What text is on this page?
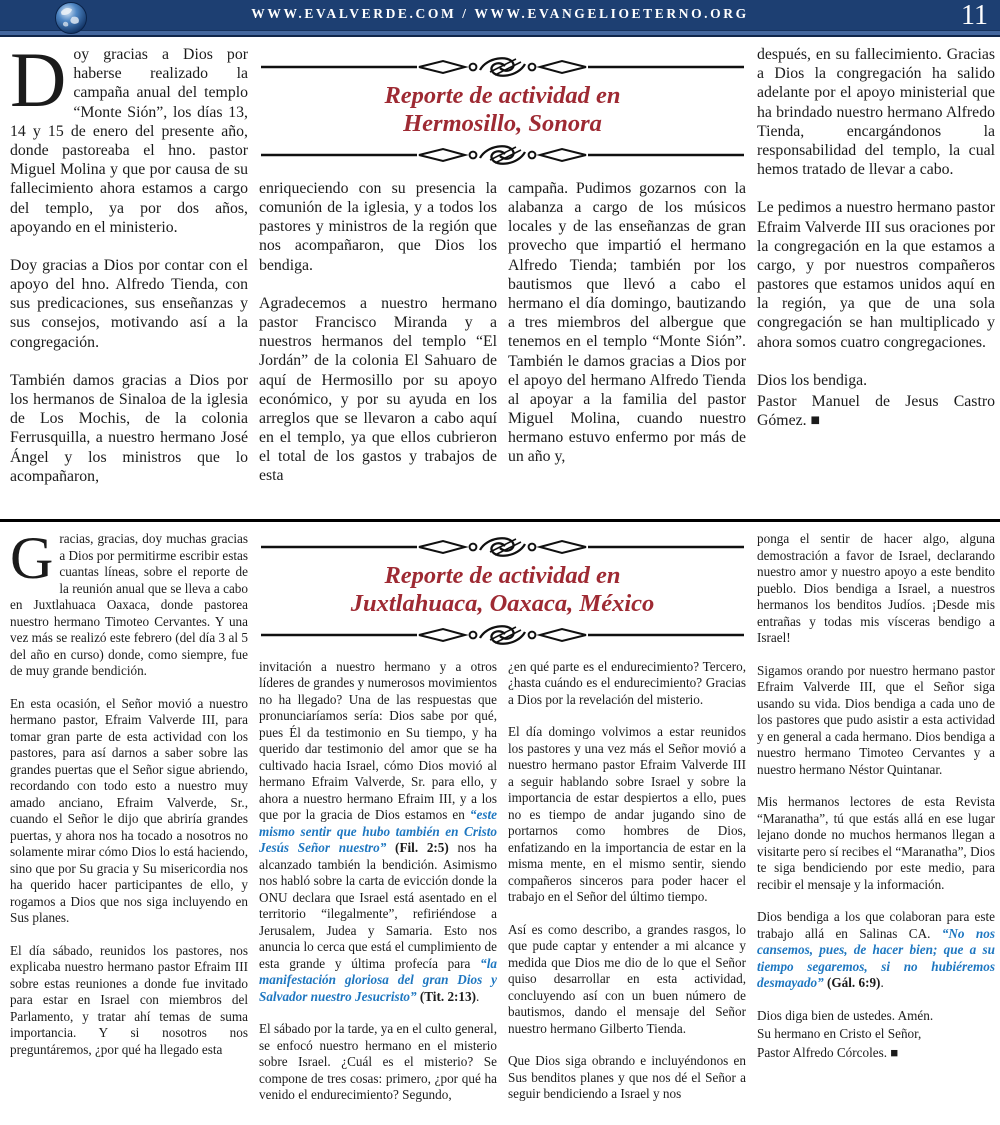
WWW.EVALVERDE.COM / WWW.EVANGELIOETERNO.ORG	11

Doy gracias a Dios por haberse realizado la campaña anual del templo “Monte Sión”, los días 13, 14 y 15 de enero del presente año, donde pastoreaba el hno. pastor Miguel Molina y que por causa de su fallecimiento ahora estamos a cargo del templo, ya por dos años, apoyando en el ministerio.

Doy gracias a Dios por contar con el apoyo del hno. Alfredo Tienda, con sus predicaciones, sus enseñanzas y sus consejos, motivando así a la congregación.

También damos gracias a Dios por los hermanos de Sinaloa de la iglesia de Los Mochis, de la colonia Ferrusquilla, a nuestro hermano José Ángel y los ministros que lo acompañaron,

Reporte de actividad en
Hermosillo, Sonora

enriqueciendo con su presencia la comunión de la iglesia, y a todos los pastores y ministros de la región que nos acompañaron, que Dios los bendiga.

Agradecemos a nuestro hermano pastor Francisco Miranda y a nuestros hermanos del templo “El Jordán” de la colonia El Sahuaro de aquí de Hermosillo por su apoyo económico, y por su ayuda en los arreglos que se llevaron a cabo aquí en el templo, ya que ellos cubrieron el total de los gastos y trabajos de esta

campaña. Pudimos gozarnos con la alabanza a cargo de los músicos locales y de las enseñanzas de gran provecho que impartió el hermano Alfredo Tienda; también por los bautismos que llevó a cabo el hermano el día domingo, bautizando a tres miembros del albergue que tenemos en el templo “Monte Sión”. También le damos gracias a Dios por el apoyo del hermano Alfredo Tienda al apoyar a la familia del pastor Miguel Molina, cuando nuestro hermano estuvo enfermo por más de un año y,

después, en su fallecimiento. Gracias a Dios la congregación ha salido adelante por el apoyo ministerial que ha brindado nuestro hermano Alfredo Tienda, encargándonos la responsabilidad del templo, la cual hemos tratado de llevar a cabo.

Le pedimos a nuestro hermano pastor Efraim Valverde III sus oraciones por la congregación en la que estamos a cargo, y por nuestros compañeros pastores que estamos unidos aquí en la región, ya que de una sola congregación se han multiplicado y ahora somos cuatro congregaciones.

Dios los bendiga.

Pastor Manuel de Jesus Castro Gómez. ■

Gracias, gracias, doy muchas gracias a Dios por permitirme escribir estas cuantas líneas, sobre el reporte de la reunión anual que se lleva a cabo en Juxtlahuaca Oaxaca, donde pastorea nuestro hermano Timoteo Cervantes. Y una vez más se realizó este febrero (del día 3 al 5 del año en curso) donde, como siempre, fue de muy grande bendición.

En esta ocasión, el Señor movió a nuestro hermano pastor, Efraim Valverde III, para tomar gran parte de esta actividad con los pastores, para así darnos a saber sobre las grandes puertas que el Señor sigue abriendo, recordando con todo esto a nuestro muy amado anciano, Efraim Valverde, Sr., cuando el Señor le dijo que abriría grandes puertas, y ahora nos ha tocado a nosotros no solamente mirar cómo Dios lo está haciendo, sino que por Su gracia y Su misericordia nos ha querido hacer participantes de ello, y rogamos a Dios que nos siga incluyendo en Sus planes.

El día sábado, reunidos los pastores, nos explicaba nuestro hermano pastor Efraim III sobre estas reuniones a donde fue invitado para estar en Israel con miembros del Parlamento, y tratar ahí temas de suma importancia. Y si nosotros nos preguntáremos, ¿por qué ha llegado esta

Reporte de actividad en
Juxtlahuaca, Oaxaca, México

invitación a nuestro hermano y a otros líderes de grandes y numerosos movimientos no ha llegado? Una de las respuestas que pronunciaríamos sería: Dios sabe por qué, pues Él da testimonio en Su tiempo, y ha querido dar testimonio del amor que se ha cultivado hacia Israel, cómo Dios movió al hermano Efraim Valverde, Sr. para ello, y ahora a nuestro hermano Efraim III, y a los que por la gracia de Dios estamos en “este mismo sentir que hubo también en Cristo Jesús Señor nuestro” (Fil. 2:5) nos ha alcanzado también la bendición. Asimismo nos habló sobre la carta de evicción donde la ONU declara que Israel está asentado en el territorio “ilegalmente”, refiriéndose a Jerusalem, Judea y Samaria. Esto nos anuncia lo cerca que está el cumplimiento de esta grande y última profecía para “la manifestación gloriosa del gran Dios y Salvador nuestro Jesucristo” (Tit. 2:13).

El sábado por la tarde, ya en el culto general, se enfocó nuestro hermano en el misterio sobre Israel. ¿Cuál es el misterio? Se compone de tres cosas: primero, ¿por qué ha venido el endurecimiento? Segundo,

¿en qué parte es el endurecimiento? Tercero, ¿hasta cuándo es el endurecimiento? Gracias a Dios por la revelación del misterio.

El día domingo volvimos a estar reunidos los pastores y una vez más el Señor movió a nuestro hermano pastor Efraim Valverde III a seguir hablando sobre Israel y sobre la importancia de estar despiertos a ello, pues no es tiempo de andar jugando sino de portarnos como hombres de Dios, enfatizando en la importancia de estar en la misma mente, en el mismo sentir, siendo compañeros sinceros para poder hacer el trabajo en el Señor del último tiempo.

Así es como describo, a grandes rasgos, lo que pude captar y entender a mi alcance y medida que Dios me dio de lo que el Señor quiso desarrollar en esta actividad, concluyendo así con un buen número de bautismos, dando el mensaje del Señor nuestro hermano Gilberto Tienda.

Que Dios siga obrando e incluyéndonos en Sus benditos planes y que nos dé el Señor a seguir bendiciendo a Israel y nos

ponga el sentir de hacer algo, alguna demostración a favor de Israel, declarando nuestro amor y nuestro apoyo a este bendito pueblo. Dios bendiga a Israel, a nuestros hermanos los benditos Judíos. ¡Desde mis entrañas y todas mis vísceras bendigo a Israel!

Sigamos orando por nuestro hermano pastor Efraim Valverde III, que el Señor siga usando su vida. Dios bendiga a cada uno de los pastores que pudo asistir a esta actividad y en general a cada hermano. Dios bendiga a nuestro hermano Timoteo Cervantes y a nuestro hermano Néstor Quintanar.

Mis hermanos lectores de esta Revista “Maranatha”, tú que estás allá en ese lugar lejano donde no muchos hermanos llegan a visitarte pero sí recibes el “Maranatha”, Dios te siga bendiciendo por este medio, para recibir el mensaje y la información.

Dios bendiga a los que colaboran para este trabajo allá en Salinas CA. “No nos cansemos, pues, de hacer bien; que a su tiempo segaremos, si no hubiéremos desmayado” (Gál. 6:9).

Dios diga bien de ustedes. Amén.

Su hermano en Cristo el Señor,

Pastor Alfredo Córcoles. ■
